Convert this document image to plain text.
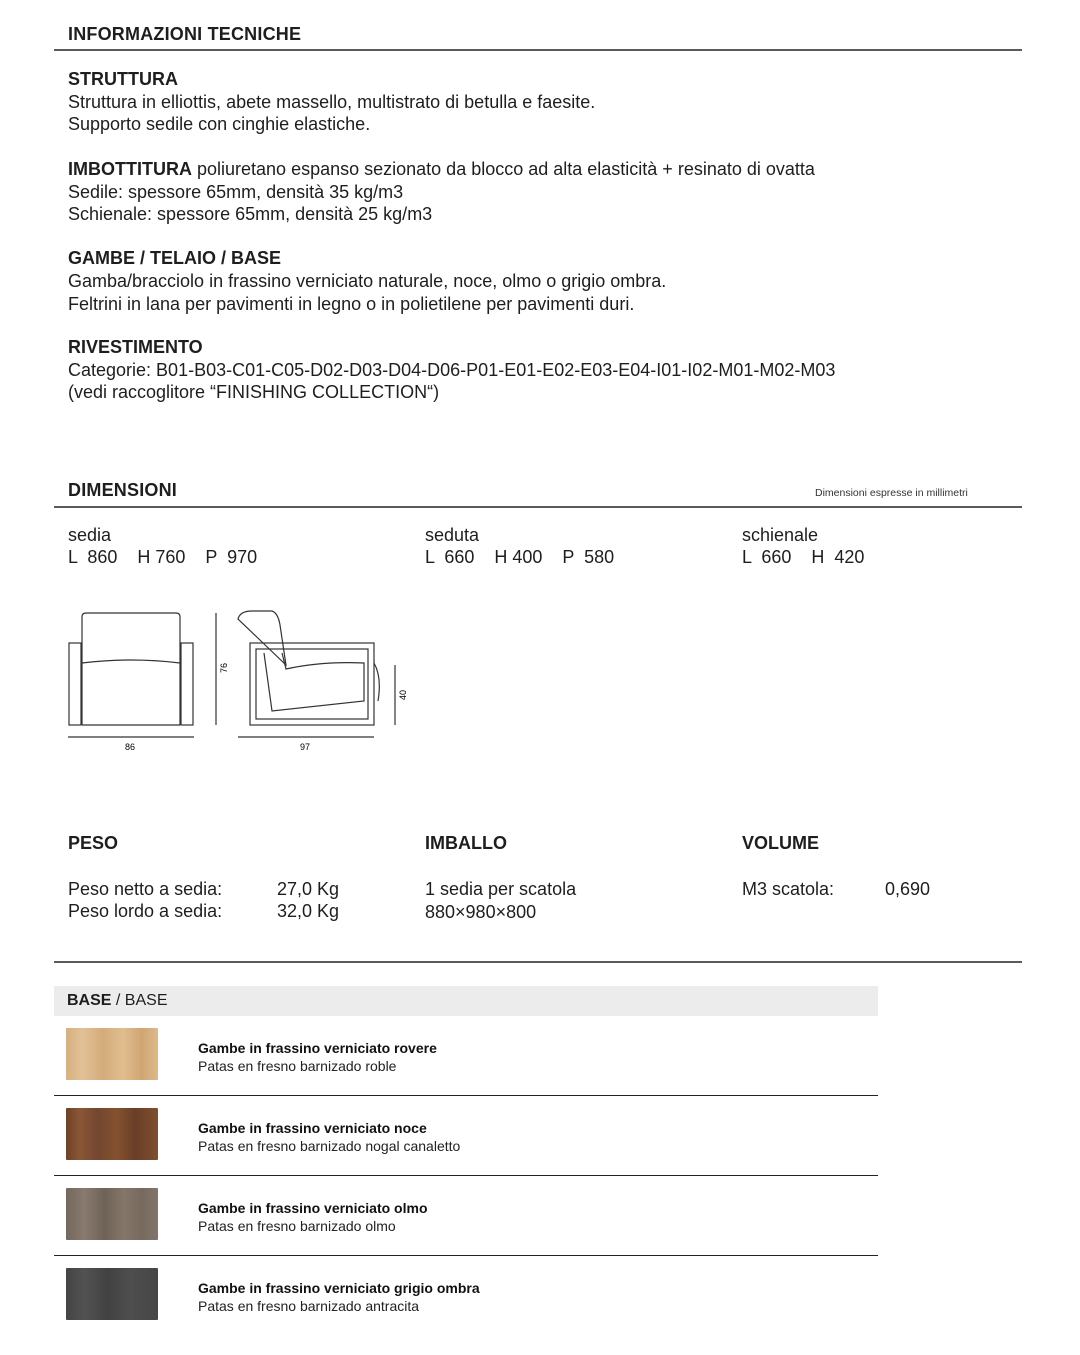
INFORMAZIONI TECNICHE
STRUTTURA
Struttura in elliottis, abete massello, multistrato di betulla e faesite.
Supporto sedile con cinghie elastiche.
IMBOTTITURA poliuretano espanso sezionato da blocco ad alta elasticità + resinato di ovatta
Sedile: spessore 65mm, densità 35 kg/m3
Schienale: spessore 65mm, densità 25 kg/m3
GAMBE / TELAIO / BASE
Gamba/bracciolo in frassino verniciato naturale, noce, olmo o grigio ombra.
Feltrini in lana per pavimenti in legno o in polietilene per pavimenti duri.
RIVESTIMENTO
Categorie: B01-B03-C01-C05-D02-D03-D04-D06-P01-E01-E02-E03-E04-I01-I02-M01-M02-M03
(vedi raccoglitore “FINISHING COLLECTION“)
DIMENSIONI	Dimensioni espresse in millimetri
sedia
L  860    H 760    P  970
seduta
L  660    H 400    P  580
schienale
L  660    H  420
86	97
76
40
PESO
Peso netto a sedia:	27,0 Kg
Peso lordo a sedia:	32,0 Kg
IMBALLO
1 sedia per scatola
880×980×800
VOLUME
M3 scatola:	0,690
BASE / BASE
Gambe in frassino verniciato rovere
Patas en fresno barnizado roble
Gambe in frassino verniciato noce
Patas en fresno barnizado nogal canaletto
Gambe in frassino verniciato olmo
Patas en fresno barnizado olmo
Gambe in frassino verniciato grigio ombra
Patas en fresno barnizado antracita
